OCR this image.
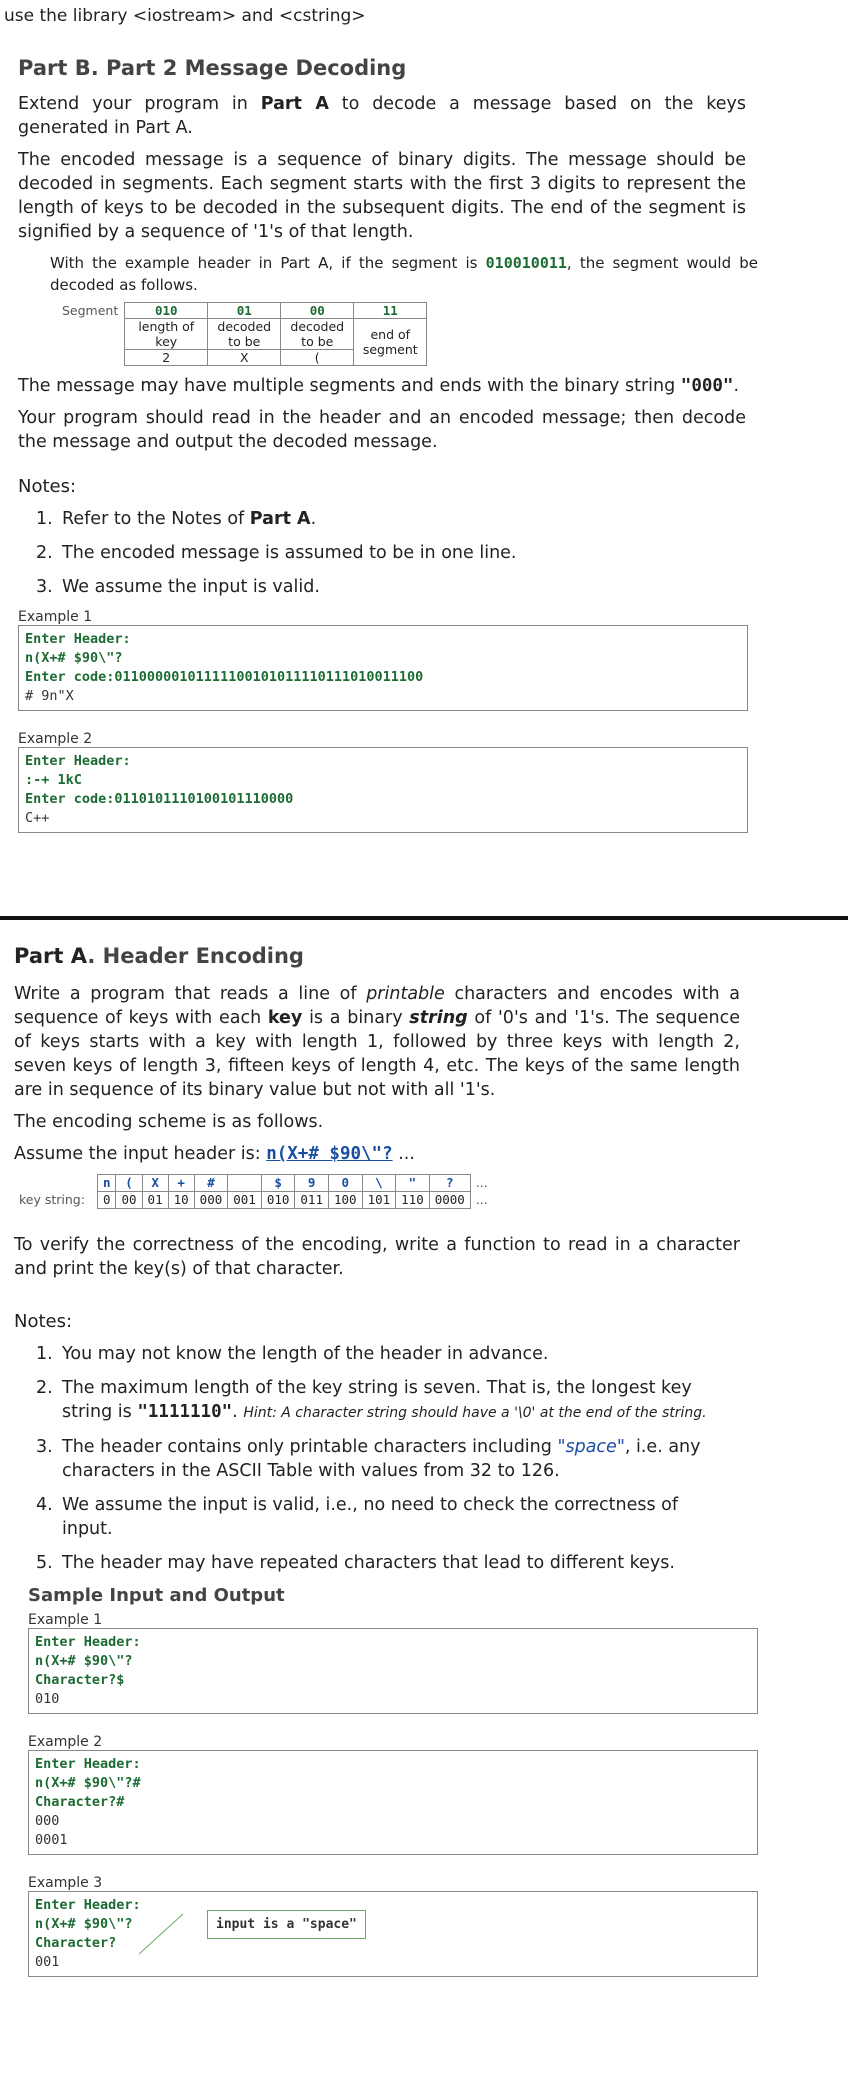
use the library <iostream> and <cstring>
Part B. Part 2 Message Decoding

Extend your program in Part A to decode a message based on the keys generated in Part A.

The encoded message is a sequence of binary digits. The message should be decoded in segments. Each segment starts with the first 3 digits to represent the length of keys to be decoded in the subsequent digits. The end of the segment is signified by a sequence of '1's of that length.

With the example header in Part A, if the segment is 010010011, the segment would be decoded as follows.
Segment	010	01	00	11
	length of key	decoded to be	decoded to be	end of segment
	2	X	(	

The message may have multiple segments and ends with the binary string "000".

Your program should read in the header and an encoded message; then decode the message and output the decoded message.

Notes:
1. Refer to the Notes of Part A.
2. The encoded message is assumed to be in one line.
3. We assume the input is valid.
Example 1
Enter Header:
n(X+# $90\"?
Enter code:01100000101111100101011110111010011100
# 9n"X
Example 2
Enter Header:
:-+ 1kC
Enter code:0110101110100101110000
C++
Part A. Header Encoding

Write a program that reads a line of printable characters and encodes with a sequence of keys with each key is a binary string of '0's and '1's. The sequence of keys starts with a key with length 1, followed by three keys with length 2, seven keys of length 3, fifteen keys of length 4, etc. The keys of the same length are in sequence of its binary value but not with all '1's.

The encoding scheme is as follows.

Assume the input header is: n(X+# $90\"? ...

	n	(	X	+	#		$	9	0	\	"	?	...
key string:	0	00	01	10	000	001	010	011	100	101	110	0000	...

To verify the correctness of the encoding, write a function to read in a character and print the key(s) of that character.

Notes:
1. You may not know the length of the header in advance.
2. The maximum length of the key string is seven. That is, the longest key string is "1111110". Hint: A character string should have a '\0' at the end of the string.
3. The header contains only printable characters including "space", i.e. any characters in the ASCII Table with values from 32 to 126.
4. We assume the input is valid, i.e., no need to check the correctness of input.
5. The header may have repeated characters that lead to different keys.
Sample Input and Output
Example 1
Enter Header:
n(X+# $90\"?
Character?$
010
Example 2
Enter Header:
n(X+# $90\"?#
Character?#
000
0001
Example 3
Enter Header:
n(X+# $90\"?
Character?
001
input is a "space"
